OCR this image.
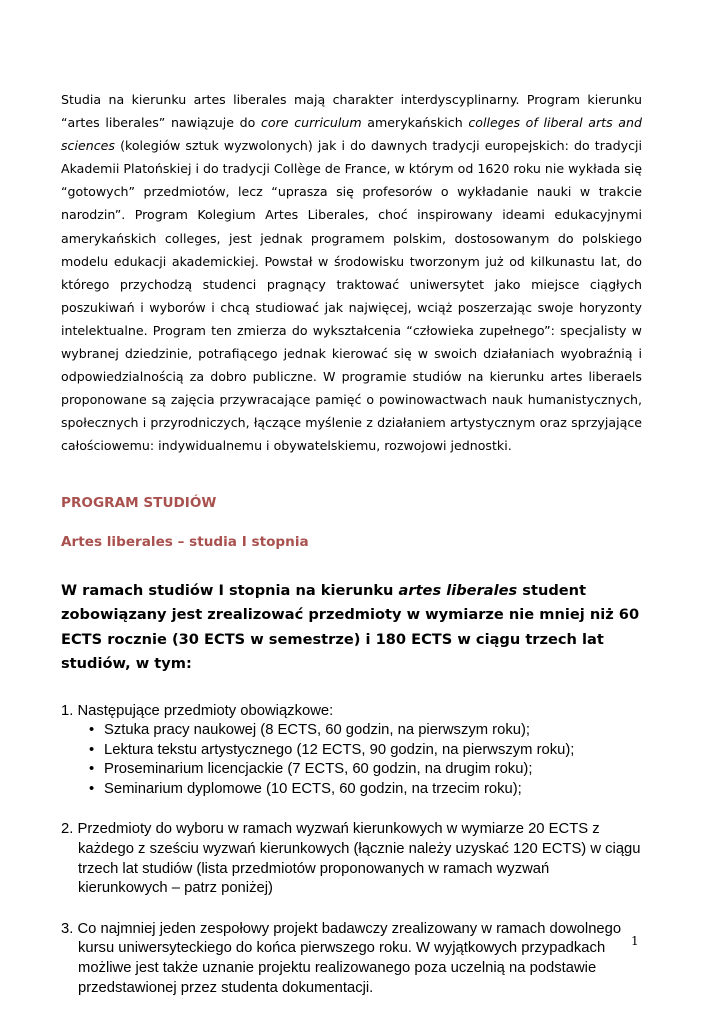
Studia na kierunku artes liberales mają charakter interdyscyplinarny. Program kierunku “artes liberales” nawiązuje do core curriculum amerykańskich colleges of liberal arts and sciences (kolegiów sztuk wyzwolonych) jak i do dawnych tradycji europejskich: do tradycji Akademii Platońskiej i do tradycji Collège de France, w którym od 1620 roku nie wykłada się “gotowych” przedmiotów, lecz “uprasza się profesorów o wykładanie nauki w trakcie narodzin”. Program Kolegium Artes Liberales, choć inspirowany ideami edukacyjnymi amerykańskich colleges, jest jednak programem polskim, dostosowanym do polskiego modelu edukacji akademickiej. Powstał w środowisku tworzonym już od kilkunastu lat, do którego przychodzą studenci pragnący traktować uniwersytet jako miejsce ciągłych poszukiwań i wyborów i chcą studiować jak najwięcej, wciąż poszerzając swoje horyzonty intelektualne. Program ten zmierza do wykształcenia “człowieka zupełnego”: specjalisty w wybranej dziedzinie, potrafiącego jednak kierować się w swoich działaniach wyobraźnią i odpowiedzialnością za dobro publiczne. W programie studiów na kierunku artes liberaels proponowane są zajęcia przywracające pamięć o powinowactwach nauk humanistycznych, społecznych i przyrodniczych, łączące myślenie z działaniem artystycznym oraz sprzyjające całościowemu: indywidualnemu i obywatelskiemu, rozwojowi jednostki.

PROGRAM STUDIÓW
Artes liberales – studia I stopnia

W ramach studiów I stopnia na kierunku artes liberales student zobowiązany jest zrealizować przedmioty w wymiarze nie mniej niż 60 ECTS rocznie (30 ECTS w semestrze) i 180 ECTS w ciągu trzech lat studiów, w tym:

1. Następujące przedmioty obowiązkowe:

• Sztuka pracy naukowej (8 ECTS, 60 godzin, na pierwszym roku);
• Lektura tekstu artystycznego (12 ECTS, 90 godzin, na pierwszym roku);
• Proseminarium licencjackie (7 ECTS, 60 godzin, na drugim roku);
• Seminarium dyplomowe (10 ECTS, 60 godzin, na trzecim roku);

2. Przedmioty do wyboru w ramach wyzwań kierunkowych w wymiarze 20 ECTS z każdego z sześciu wyzwań kierunkowych (łącznie należy uzyskać 120 ECTS) w ciągu trzech lat studiów (lista przedmiotów proponowanych w ramach wyzwań kierunkowych – patrz poniżej)

3. Co najmniej jeden zespołowy projekt badawczy zrealizowany w ramach dowolnego kursu uniwersyteckiego do końca pierwszego roku. W wyjątkowych przypadkach możliwe jest także uznanie projektu realizowanego poza uczelnią na podstawie przedstawionej przez studenta dokumentacji.

1
